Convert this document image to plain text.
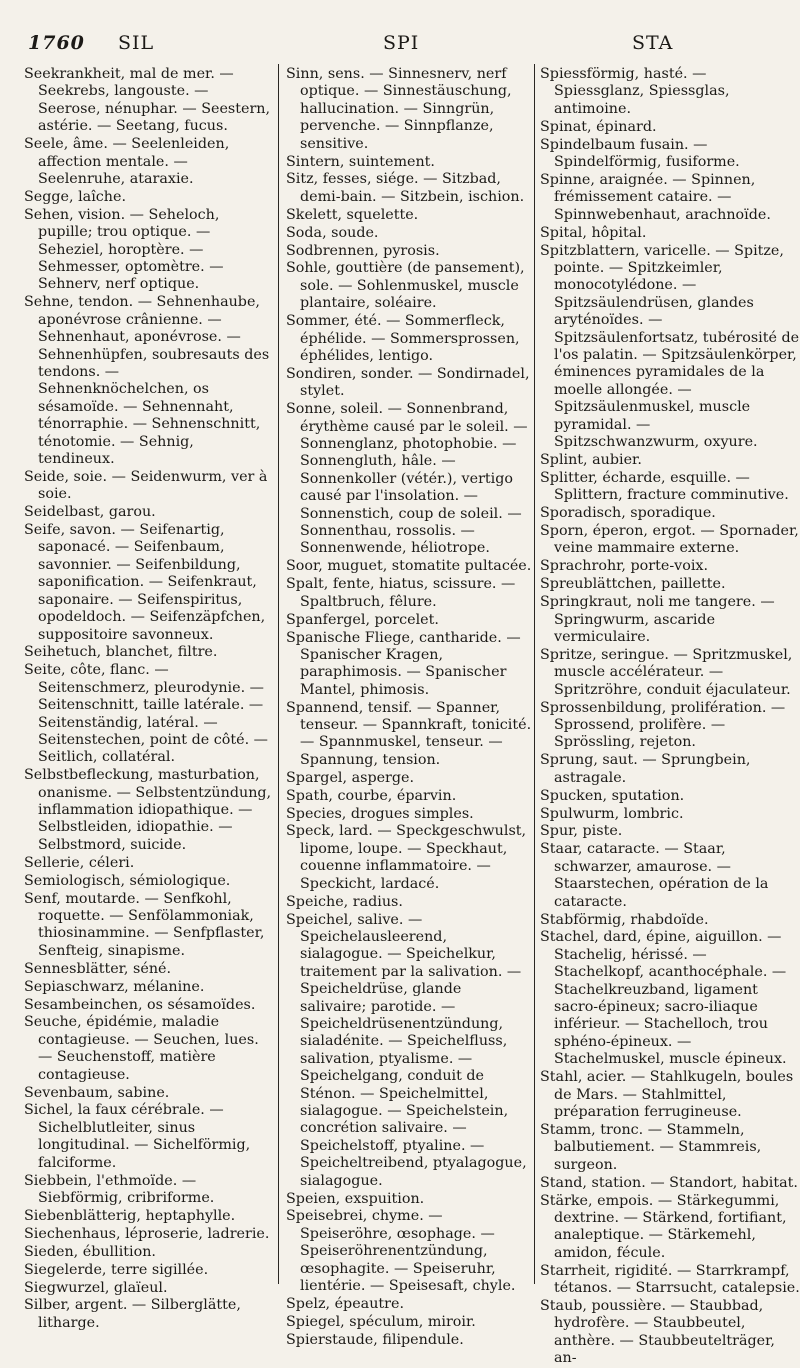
1760 SIL	SPI	STA
Seekrankheit, mal de mer. — Seekrebs, langouste. — Seerose, nénuphar. — Seestern, astérie. — Seetang, fucus.
Seele, âme. — Seelenleiden, affection mentale. — Seelenruhe, ataraxie.
Segge, laîche.
Sehen, vision. — Seheloch, pupille; trou optique. — Seheziel, horoptère. — Sehmesser, optomètre. — Sehnerv, nerf optique.
Sehne, tendon. — Sehnenhaube, aponévrose crânienne. — Sehnenhaut, aponévrose. — Sehnenhüpfen, soubresauts des tendons. — Sehnenknöchelchen, os sésamoïde. — Sehnennaht, ténorraphie. — Sehnenschnitt, ténotomie. — Sehnig, tendineux.
Seide, soie. — Seidenwurm, ver à soie.
Seidelbast, garou.
Seife, savon. — Seifenartig, saponacé. — Seifenbaum, savonnier. — Seifenbildung, saponification. — Seifenkraut, saponaire. — Seifenspiritus, opodeldoch. — Seifenzäpfchen, suppositoire savonneux.
Seihetuch, blanchet, filtre.
Seite, côte, flanc. — Seitenschmerz, pleurodynie. — Seitenschnitt, taille latérale. — Seitenständig, latéral. — Seitenstechen, point de côté. — Seitlich, collatéral.
Selbstbefleckung, masturbation, onanisme. — Selbstentzündung, inflammation idiopathique. — Selbstleiden, idiopathie. —Selbstmord, suicide.
Sellerie, céleri.
Semiologisch, sémiologique.
Senf, moutarde. — Senfkohl, roquette. — Senfölammoniak, thiosinammine. — Senfpflaster, Senfteig, sinapisme.
Sennesblätter, séné.
Sepiaschwarz, mélanine.
Sesambeinchen, os sésamoïdes.
Seuche, épidémie, maladie contagieuse. — Seuchen, lues. — Seuchenstoff, matière contagieuse.
Sevenbaum, sabine.
Sichel, la faux cérébrale. — Sichelblutleiter, sinus longitudinal. — Sichelförmig, falciforme.
Siebbein, l'ethmoïde. — Siebförmig, cribriforme.
Siebenblätterig, heptaphylle.
Siechenhaus, léproserie, ladrerie.
Sieden, ébullition.
Siegelerde, terre sigillée.
Siegwurzel, glaïeul.
Silber, argent. — Silberglätte, litharge.
Sinn, sens. — Sinnesnerv, nerf optique. — Sinnestäuschung, hallucination. — Sinngrün, pervenche. — Sinnpflanze, sensitive.
Sintern, suintement.
Sitz, fesses, siége. — Sitzbad, demi-bain. — Sitzbein, ischion.
Skelett, squelette.
Soda, soude.
Sodbrennen, pyrosis.
Sohle, gouttière (de pansement), sole. — Sohlenmuskel, muscle plantaire, soléaire.
Sommer, été. — Sommerfleck, éphélide. — Sommersprossen, éphélides, lentigo.
Sondiren, sonder. — Sondirnadel, stylet.
Sonne, soleil. — Sonnenbrand, érythème causé par le soleil. — Sonnenglanz, photophobie. — Sonnengluth, hâle. — Sonnenkoller (vétér.), vertigo causé par l'insolation. — Sonnenstich, coup de soleil. — Sonnenthau, rossolis. — Sonnenwende, héliotrope.
Soor, muguet, stomatite pultacée.
Spalt, fente, hiatus, scissure. — Spaltbruch, fêlure.
Spanfergel, porcelet.
Spanische Fliege, cantharide. — Spanischer Kragen, paraphimosis. — Spanischer Mantel, phimosis.
Spannend, tensif. — Spanner, tenseur. — Spannkraft, tonicité. — Spannmuskel, tenseur. — Spannung, tension.
Spargel, asperge.
Spath, courbe, éparvin.
Species, drogues simples.
Speck, lard. — Speckgeschwulst, lipome, loupe. — Speckhaut, couenne inflammatoire. — Speckicht, lardacé.
Speiche, radius.
Speichel, salive. — Speichelausleerend, sialagogue. — Speichelkur, traitement par la salivation. — Speicheldrüse, glande salivaire; parotide. — Speicheldrüsenentzündung, sialadénite. — Speichelfluss, salivation, ptyalisme. — Speichelgang, conduit de Sténon. — Speichelmittel, sialagogue. — Speichelstein, concrétion salivaire. — Speichelstoff, ptyaline. — Speicheltreibend, ptyalagogue, sialagogue.
Speien, exspuition.
Speisebrei, chyme. — Speiseröhre, œsophage. — Speiseröhrenentzündung, œsophagite. — Speiseruhr, lientérie. — Speisesaft, chyle.
Spelz, épeautre.
Spiegel, spéculum, miroir.
Spierstaude, filipendule.
Spiessförmig, hasté. — Spiessglanz, Spiessglas, antimoine.
Spinat, épinard.
Spindelbaum fusain. — Spindelförmig, fusiforme.
Spinne, araignée. — Spinnen, frémissement cataire. — Spinnwebenhaut, arachnoïde.
Spital, hôpital.
Spitzblattern, varicelle. — Spitze, pointe. — Spitzkeimler, monocotylédone. — Spitzsäulendrüsen, glandes aryténoïdes. — Spitzsäulenfortsatz, tubérosité de l'os palatin. — Spitzsäulenkörper, éminences pyramidales de la moelle allongée. — Spitzsäulenmuskel, muscle pyramidal. — Spitzschwanzwurm, oxyure.
Splint, aubier.
Splitter, écharde, esquille. — Splittern, fracture comminutive.
Sporadisch, sporadique.
Sporn, éperon, ergot. — Spornader, veine mammaire externe.
Sprachrohr, porte-voix.
Spreublättchen, paillette.
Springkraut, noli me tangere. — Springwurm, ascaride vermiculaire.
Spritze, seringue. — Spritzmuskel, muscle accélérateur. — Spritzröhre, conduit éjaculateur.
Sprossenbildung, prolifération. — Sprossend, prolifère. — Sprössling, rejeton.
Sprung, saut. — Sprungbein, astragale.
Spucken, sputation.
Spulwurm, lombric.
Spur, piste.
Staar, cataracte. — Staar, schwarzer, amaurose. — Staarstechen, opération de la cataracte.
Stabförmig, rhabdoïde.
Stachel, dard, épine, aiguillon. — Stachelig, hérissé. — Stachelkopf, acanthocéphale. — Stachelkreuzband, ligament sacro-épineux; sacro-iliaque inférieur. — Stachelloch, trou sphéno-épineux. — Stachelmuskel, muscle épineux.
Stahl, acier. — Stahlkugeln, boules de Mars. — Stahlmittel, préparation ferrugineuse.
Stamm, tronc. — Stammeln, balbutiement. — Stammreis, surgeon.
Stand, station. — Standort, habitat.
Stärke, empois. — Stärkegummi, dextrine. — Stärkend, fortifiant, analeptique. — Stärkemehl, amidon, fécule.
Starrheit, rigidité. — Starrkrampf, tétanos. — Starrsucht, catalepsie.
Staub, poussière. — Staubbad, hydrofère. — Staubbeutel, anthère. — Staubbeutelträger, an-
